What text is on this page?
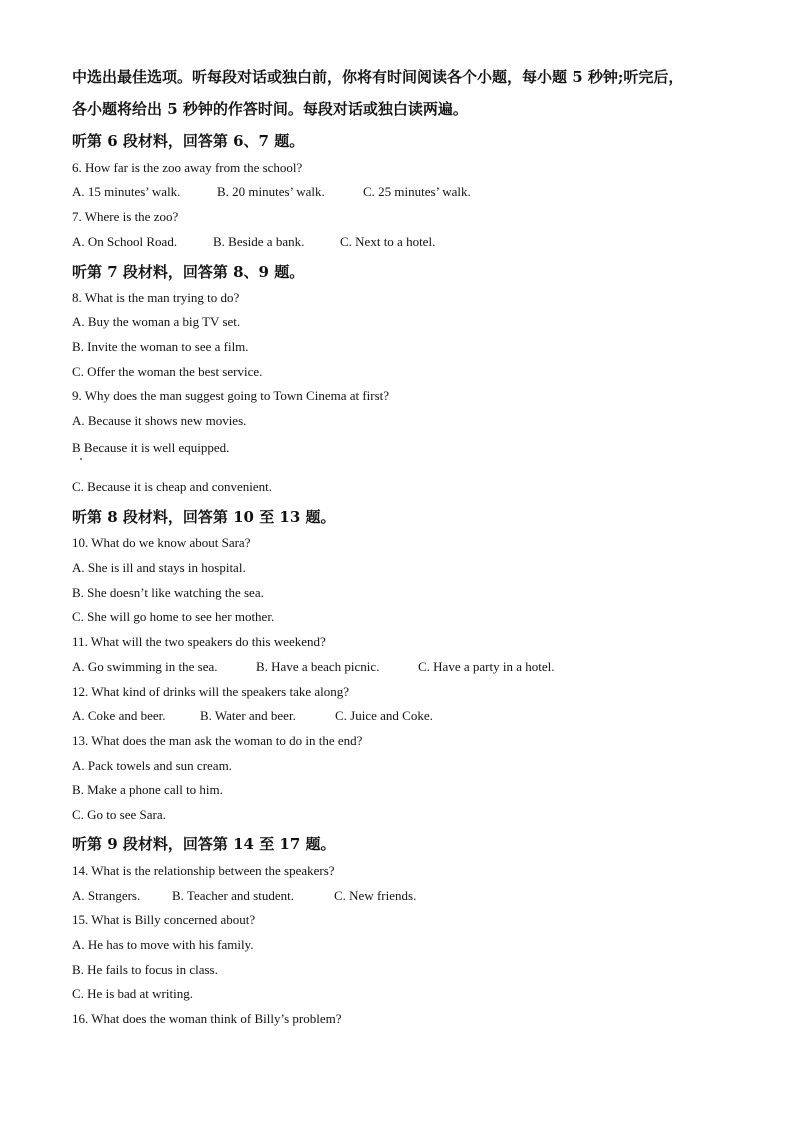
中选出最佳选项。听每段对话或独白前，你将有时间阅读各个小题，每小题 5 秒钟;听完后，
各小题将给出 5 秒钟的作答时间。每段对话或独白读两遍。
听第 6 段材料，回答第 6、7 题。
6. How far is the zoo away from the school?
A. 15 minutes’ walk.	B. 20 minutes’ walk.	C. 25 minutes’ walk.
7. Where is the zoo?
A. On School Road.	B. Beside a bank.	C. Next to a hotel.
听第 7 段材料，回答第 8、9 题。
8. What is the man trying to do?
A. Buy the woman a big TV set.
B. Invite the woman to see a film.
C. Offer the woman the best service.
9. Why does the man suggest going to Town Cinema at first?
A. Because it shows new movies.
B Because it is well equipped.
C. Because it is cheap and convenient.
听第 8 段材料，回答第 10 至 13 题。
10. What do we know about Sara?
A. She is ill and stays in hospital.
B. She doesn’t like watching the sea.
C. She will go home to see her mother.
11. What will the two speakers do this weekend?
A. Go swimming in the sea.	B. Have a beach picnic.	C. Have a party in a hotel.
12. What kind of drinks will the speakers take along?
A. Coke and beer.	B. Water and beer.	C. Juice and Coke.
13. What does the man ask the woman to do in the end?
A. Pack towels and sun cream.
B. Make a phone call to him.
C. Go to see Sara.
听第 9 段材料，回答第 14 至 17 题。
14. What is the relationship between the speakers?
A. Strangers. B. Teacher and student.	C. New friends.
15. What is Billy concerned about?
A. He has to move with his family.
B. He fails to focus in class.
C. He is bad at writing.
16. What does the woman think of Billy’s problem?
